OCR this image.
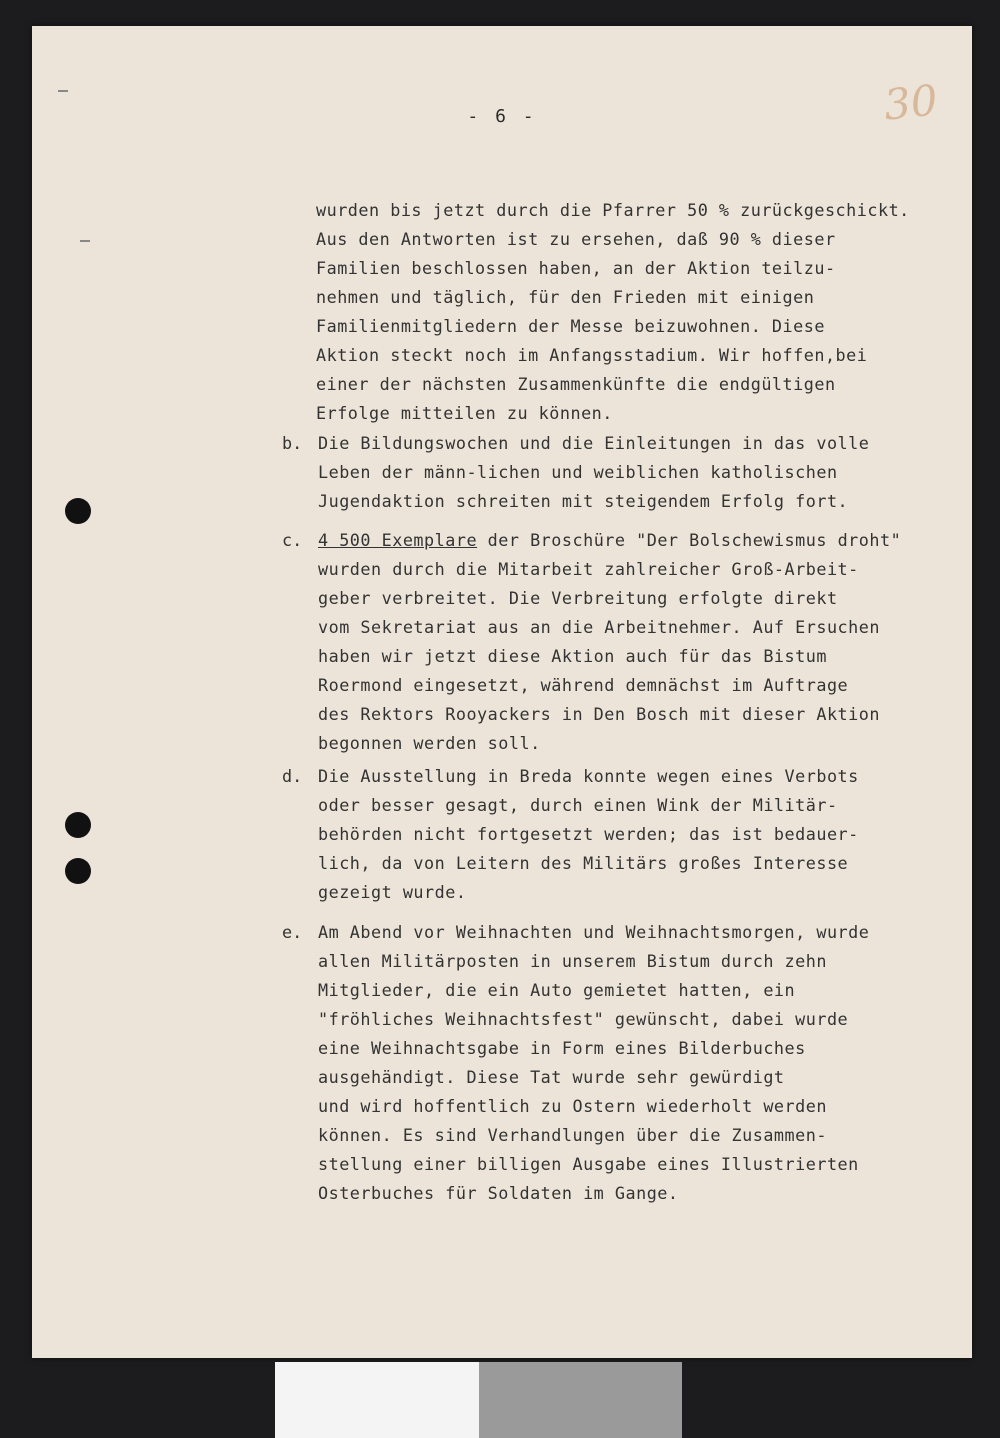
- 6 -	30
wurden bis jetzt durch die Pfarrer 50 % zurückgeschickt.
Aus den Antworten ist zu ersehen, daß 90 % dieser
Familien beschlossen haben, an der Aktion teilzu-
nehmen und täglich, für den Frieden mit einigen
Familienmitgliedern der Messe beizuwohnen. Diese
Aktion steckt noch im Anfangsstadium. Wir hoffen,bei
einer der nächsten Zusammenkünfte die endgültigen
Erfolge mitteilen zu können.
b. Die Bildungswochen und die Einleitungen in das volle
Leben der männ-lichen und weiblichen katholischen
Jugendaktion schreiten mit steigendem Erfolg fort.
c. 4 500 Exemplare der Broschüre "Der Bolschewismus droht"
wurden durch die Mitarbeit zahlreicher Groß-Arbeit-
geber verbreitet. Die Verbreitung erfolgte direkt
vom Sekretariat aus an die Arbeitnehmer. Auf Ersuchen
haben wir jetzt diese Aktion auch für das Bistum
Roermond eingesetzt, während demnächst im Auftrage
des Rektors Rooyackers in Den Bosch mit dieser Aktion
begonnen werden soll.
d. Die Ausstellung in Breda konnte wegen eines Verbots
oder besser gesagt, durch einen Wink der Militär-
behörden nicht fortgesetzt werden; das ist bedauer-
lich, da von Leitern des Militärs großes Interesse
gezeigt wurde.
e. Am Abend vor Weihnachten und Weihnachtsmorgen, wurde
allen Militärposten in unserem Bistum durch zehn
Mitglieder, die ein Auto gemietet hatten, ein
"fröhliches Weihnachtsfest" gewünscht, dabei wurde
eine Weihnachtsgabe in Form eines Bilderbuches
ausgehändigt. Diese Tat wurde sehr gewürdigt
und wird hoffentlich zu Ostern wiederholt werden
können. Es sind Verhandlungen über die Zusammen-
stellung einer billigen Ausgabe eines Illustrierten
Osterbuches für Soldaten im Gange.
